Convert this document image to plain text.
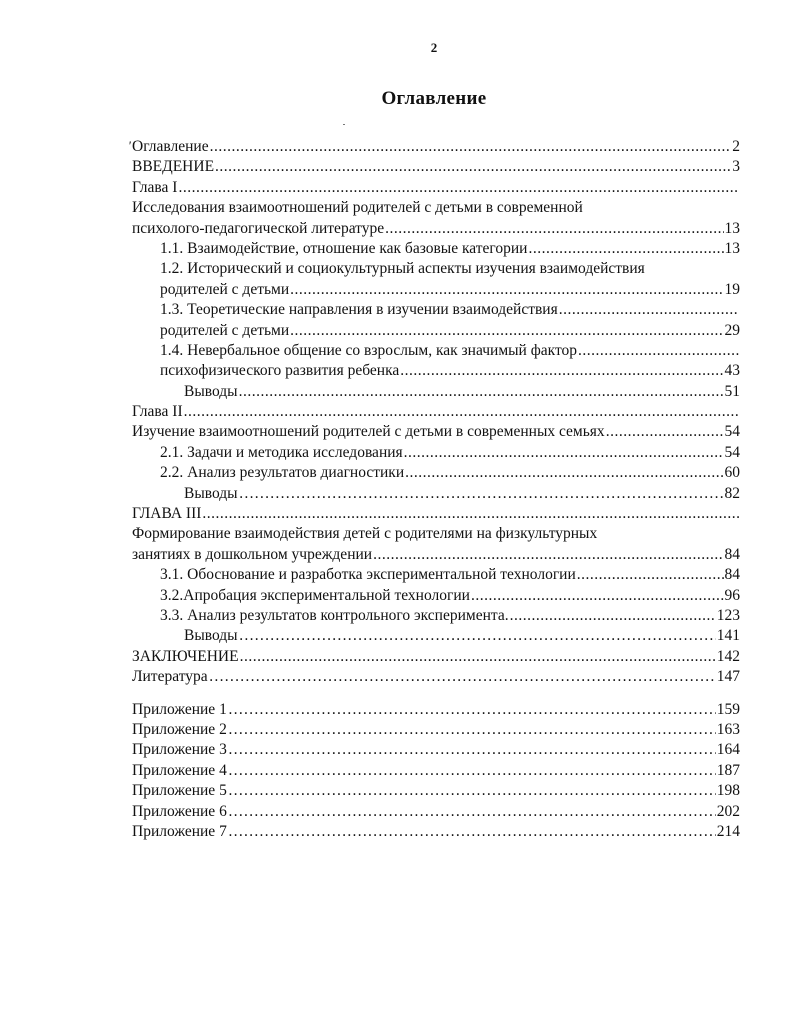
2
Оглавление
' Оглавление .....	2
ВВЕДЕНИЕ .....	3
Глава I
.....
Исследования взаимоотношений родителей с детьми в современной
психолого-педагогической литературе .....	13
1.1. Взаимодействие, отношение как базовые категории .....	13
1.2. Исторический и социокультурный аспекты изучения взаимодействия
родителей с детьми .....	19
1.3. Теоретические направления в изучении взаимодействия
.....
родителей с детьми .....	29
1.4. Невербальное общение со взрослым, как значимый фактор
.....
психофизического развития ребенка .....	43
Выводы .....	51
Глава II
.....
Изучение взаимоотношений родителей с детьми в современных семьях .....	54
2.1. Задачи и методика исследования .....	54
2.2. Анализ результатов диагностики .....	60
Выводы …………………………………………………………………………………………………………………………………………………………………………	82
ГЛАВА III
.....
Формирование взаимодействия детей с родителями на физкультурных
занятиях в дошкольном учреждении .....	84
3.1. Обоснование и разработка экспериментальной технологии .....	84
3.2.Апробация экспериментальной технологии .....	96
3.3. Анализ результатов контрольного эксперимента. .....	123
Выводы …………………………………………………………………………………………………………………………………………………………………………	141
ЗАКЛЮЧЕНИЕ .....	142
Литература …………………………………………………………………………………………………………………………………………………………………………	147
Приложение 1 …………………………………………………………………………………………………………………………………………………………………………	159
Приложение 2 …………………………………………………………………………………………………………………………………………………………………………	163
Приложение 3 …………………………………………………………………………………………………………………………………………………………………………	164
Приложение 4 …………………………………………………………………………………………………………………………………………………………………………	187
Приложение 5 …………………………………………………………………………………………………………………………………………………………………………	198
Приложение 6 …………………………………………………………………………………………………………………………………………………………………………	202
Приложение 7 …………………………………………………………………………………………………………………………………………………………………………	214
